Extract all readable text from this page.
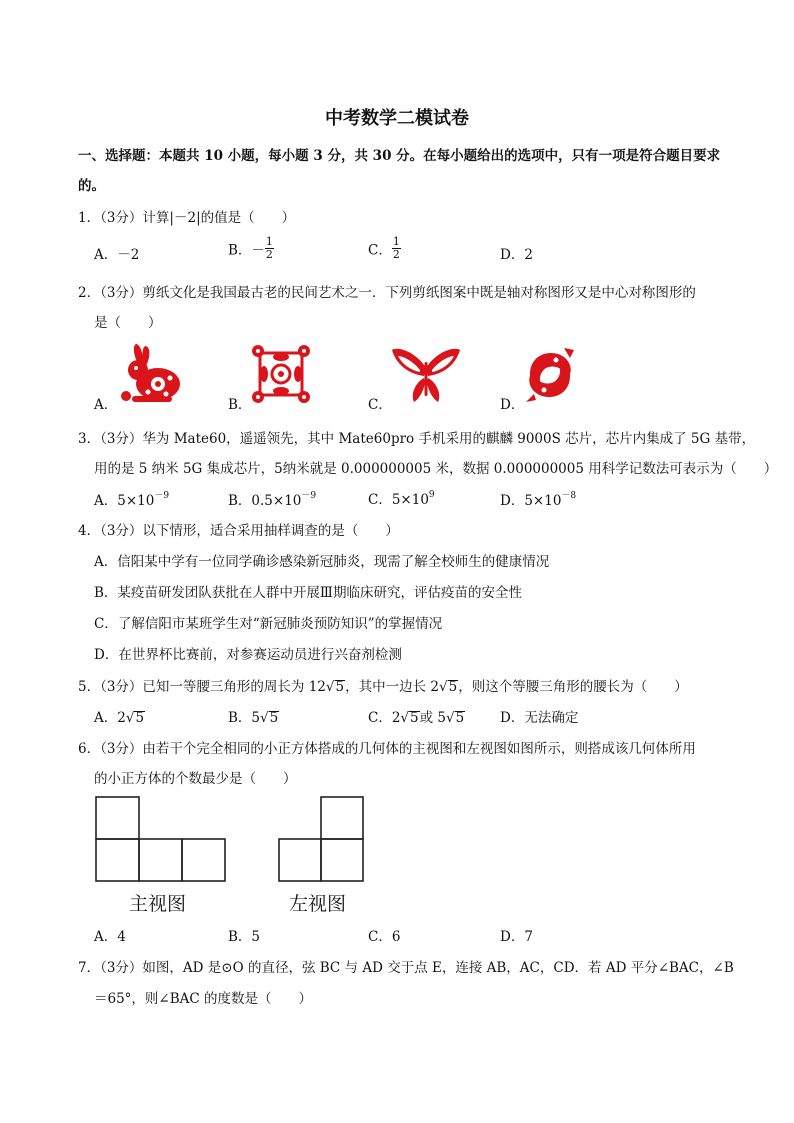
中考数学二模试卷
一、选择题：本题共 10 小题，每小题 3 分，共 30 分。在每小题给出的选项中，只有一项是符合题目要求
的。
1．（3分）计算|－2|的值是（　　）
A．－2	B．－ $\frac{1}{2}$	C． $\frac{1}{2}$	D．2
2．（3分）剪纸文化是我国最古老的民间艺术之一．下列剪纸图案中既是轴对称图形又是中心对称图形的
是（　　）
A．	B．	C．	D．
3．（3分）华为 Mate60，遥遥领先，其中 Mate60pro 手机采用的麒麟 9000S 芯片，芯片内集成了 5G 基带，
用的是 5 纳米 5G 集成芯片，5纳米就是 0.000000005 米，数据 0.000000005 用科学记数法可表示为（　　）
A．$5\times 10^{-9}$	B．$0.5\times 10^{-9}$	C．$5\times 10^9$	D．$5\times 10^{-8}$
4．（3分）以下情形，适合采用抽样调查的是（　　）
A．信阳某中学有一位同学确诊感染新冠肺炎，现需了解全校师生的健康情况
B．某疫苗研发团队获批在人群中开展Ⅲ期临床研究，评估疫苗的安全性
C．了解信阳市某班学生对“新冠肺炎预防知识”的掌握情况
D．在世界杯比赛前，对参赛运动员进行兴奋剂检测
5．（3分）已知一等腰三角形的周长为 12√5，其中一边长 2√5，则这个等腰三角形的腰长为（　　）
A．2√5	B．5√5	C．2√5或 5√5	D．无法确定
6．（3分）由若干个完全相同的小正方体搭成的几何体的主视图和左视图如图所示，则搭成该几何体所用
的小正方体的个数最少是（　　）
主视图	左视图
A．4	B．5	C．6	D．7
7．（3分）如图，AD 是⊙O 的直径，弦 BC 与 AD 交于点 E，连接 AB，AC，CD．若 AD 平分∠BAC，∠B
＝65°，则∠BAC 的度数是（　　）
